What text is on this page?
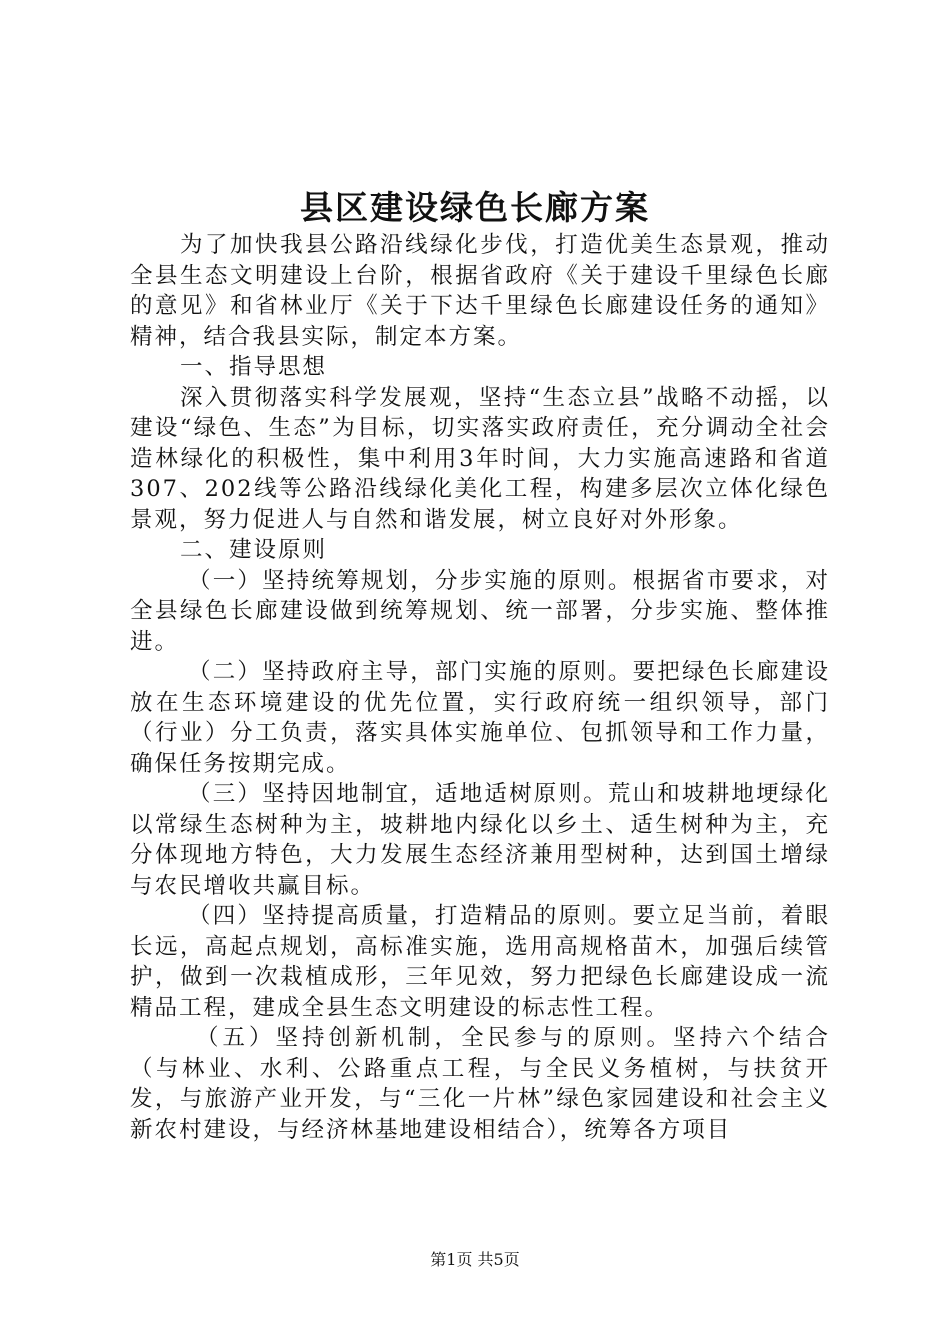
县区建设绿色长廊方案

为了加快我县公路沿线绿化步伐，打造优美生态景观，推动全县生态文明建设上台阶，根据省政府《关于建设千里绿色长廊的意见》和省林业厅《关于下达千里绿色长廊建设任务的通知》精神，结合我县实际，制定本方案。

一、指导思想

深入贯彻落实科学发展观，坚持“生态立县”战略不动摇，以建设“绿色、生态”为目标，切实落实政府责任，充分调动全社会造林绿化的积极性，集中利用3年时间，大力实施高速路和省道307、202线等公路沿线绿化美化工程，构建多层次立体化绿色景观，努力促进人与自然和谐发展，树立良好对外形象。

二、建设原则

（一）坚持统筹规划，分步实施的原则。根据省市要求，对全县绿色长廊建设做到统筹规划、统一部署，分步实施、整体推进。

（二）坚持政府主导，部门实施的原则。要把绿色长廊建设放在生态环境建设的优先位置，实行政府统一组织领导，部门（行业）分工负责，落实具体实施单位、包抓领导和工作力量，确保任务按期完成。

（三）坚持因地制宜，适地适树原则。荒山和坡耕地埂绿化以常绿生态树种为主，坡耕地内绿化以乡土、适生树种为主，充分体现地方特色，大力发展生态经济兼用型树种，达到国土增绿与农民增收共赢目标。

（四）坚持提高质量，打造精品的原则。要立足当前，着眼长远，高起点规划，高标准实施，选用高规格苗木，加强后续管护，做到一次栽植成形，三年见效，努力把绿色长廊建设成一流精品工程，建成全县生态文明建设的标志性工程。

（五）坚持创新机制，全民参与的原则。坚持六个结合（与林业、水利、公路重点工程，与全民义务植树，与扶贫开发，与旅游产业开发，与“三化一片林”绿色家园建设和社会主义新农村建设，与经济林基地建设相结合），统筹各方项目

第1页 共5页
